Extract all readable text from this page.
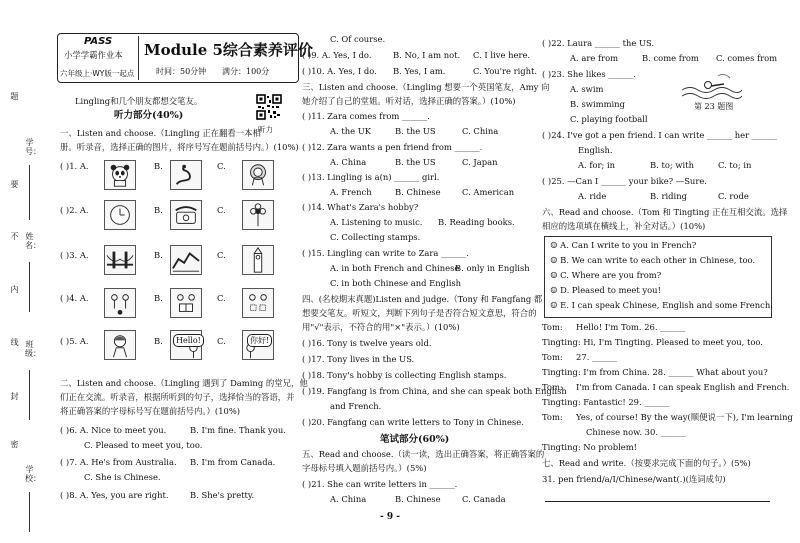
题
学号：
要
不 姓名：
内
线 班级：
封
密
学校：
PASS
小学学霸作业本
六年级上·WY版一起点
Module 5综合素养评价
时间：50分钟 满分：100分
Lingling和几个朋友都想交笔友。
听力
听力部分(40%)
一、Listen and choose.（Lingling 正在翻看一本相
册。听录音，选择正确的图片，将序号写在题前括号内。）(10%)
( )1. A.	B.	C.
( )2. A.	B.	C.
( )3. A.	B.	C.
( )4. A.	B.	C.
( )5. A.	B.	Hello!	C.	你好!
二、Listen and choose.（Lingling 遇到了 Daming 的堂兄，他
们正在交流。听录音，根据所听到的句子，选择恰当的答语，并
将正确答案的字母标号写在题前括号内。）(10%)
( )6. A. Nice to meet you.	B. I'm fine. Thank you.
C. Pleased to meet you, too.
( )7. A. He's from Australia. B. I'm from Canada.
C. She is Chinese.
( )8. A. Yes, you are right.	B. She's pretty.
C. Of course.
( )9. A. Yes, I do.	B. No, I am not. C. I live here.
( )10. A. Yes, I do. B. Yes, I am.	C. You're right.
三、Listen and choose.（Lingling 想要一个英国笔友，Amy 向
她介绍了自己的堂姐。听对话，选择正确的答案。）(10%)
( )11. Zara comes from ______.
A. the UK	B. the US	C. China
( )12. Zara wants a pen friend from ______.
A. China	B. the US	C. Japan
( )13. Lingling is a(n) ______ girl.
A. French	B. Chinese	C. American
( )14. What's Zara's hobby?
A. Listening to music. B. Reading books.
C. Collecting stamps.
( )15. Lingling can write to Zara ______.
A. in both French and Chinese
B. only in English
C. in both Chinese and English
四、(名校期末真题)Listen and judge.（Tony 和 Fangfang 都
想要交笔友。听短文，判断下列句子是否符合短文意思，符合的
用"√"表示，不符合的用"×"表示。）(10%)
( )16. Tony is twelve years old.
( )17. Tony lives in the US.
( )18. Tony's hobby is collecting English stamps.
( )19. Fangfang is from China, and she can speak both English
and French.
( )20. Fangfang can write letters to Tony in Chinese.
笔试部分(60%)
五、Read and choose.（读一读，选出正确答案，将正确答案的
字母标号填入题前括号内。）(5%)
( )21. She can write letters in ______.
A. China	B. Chinese	C. Canada
- 9 -
( )22. Laura ______ the US.
A. are from	B. come from C. comes from
( )23. She likes ______.
A. swim
B. swimming
C. playing football
第 23 题图
( )24. I've got a pen friend. I can write ______ her ______
English.
A. for; in	B. to; with	C. to; in
( )25. —Can I ______ your bike? —Sure.
A. ride	B. riding	C. rode
六、Read and choose.（Tom 和 Tingting 正在互相交流。选择
相应的选项填在横线上，补全对话。）(10%)
☺ A. Can I write to you in French?
☺ B. We can write to each other in Chinese, too.
☺ C. Where are you from?
☺ D. Pleased to meet you!
☺ E. I can speak Chinese, English and some French.
Tom:     Hello! I'm Tom. 26. ______
Tingting: Hi, I'm Tingting. Pleased to meet you, too.
Tom:     27. ______
Tingting: I'm from China. 28. ______ What about you?
Tom:     I'm from Canada. I can speak English and French.
Tingting: Fantastic! 29. ______
Tom:     Yes, of course! By the way(顺便说一下), I'm learning
Chinese now. 30. ______
Tingting: No problem!
七、Read and write.（按要求完成下面的句子。）(5%)
31. pen friend/a/I/Chinese/want(.)(连词成句)
